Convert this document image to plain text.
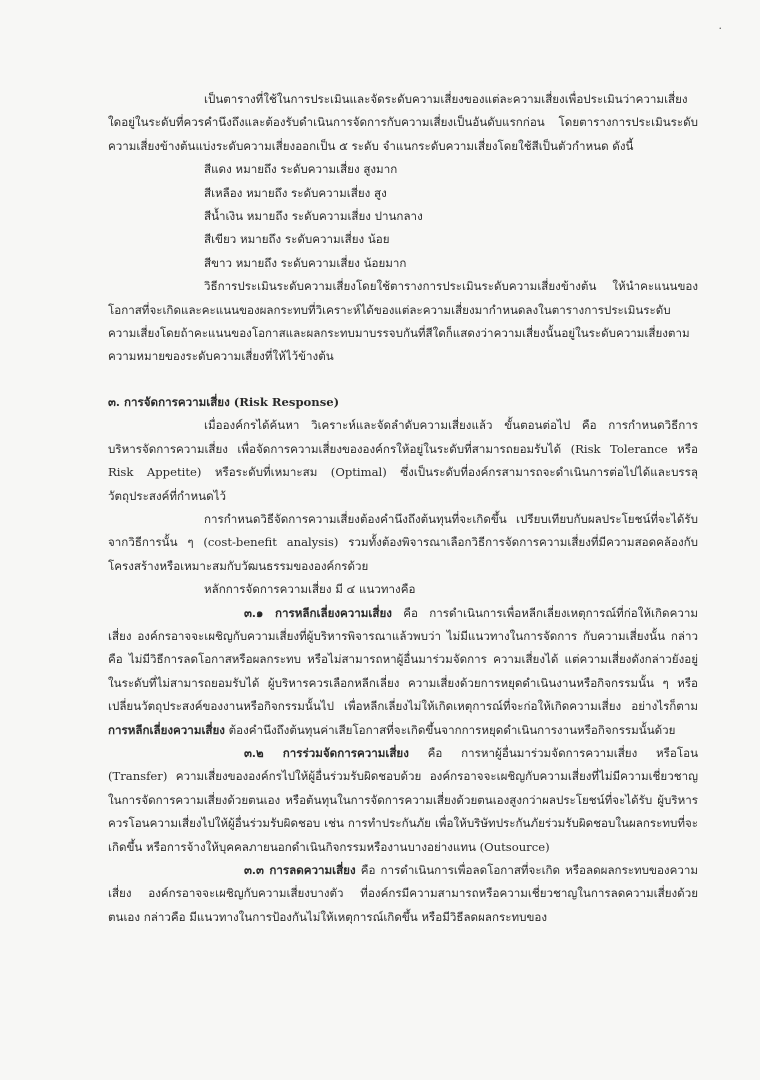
·

เป็นตารางที่ใช้ในการประเมินและจัดระดับความเสี่ยงของแต่ละความเสี่ยงเพื่อประเมินว่าความเสี่ยงใดอยู่ในระดับที่ควรคำนึงถึงและต้องรับดำเนินการจัดการกับความเสี่ยงเป็นอันดับแรกก่อน โดยตารางการประเมินระดับความเสี่ยงข้างต้นแบ่งระดับความเสี่ยงออกเป็น ๕ ระดับ จำแนกระดับความเสี่ยงโดยใช้สีเป็นตัวกำหนด ดังนี้

สีแดง หมายถึง ระดับความเสี่ยง สูงมาก
สีเหลือง หมายถึง ระดับความเสี่ยง สูง
สีน้ำเงิน หมายถึง ระดับความเสี่ยง ปานกลาง
สีเขียว หมายถึง ระดับความเสี่ยง น้อย
สีขาว หมายถึง ระดับความเสี่ยง น้อยมาก

วิธีการประเมินระดับความเสี่ยงโดยใช้ตารางการประเมินระดับความเสี่ยงข้างต้น ให้นำคะแนนของโอกาสที่จะเกิดและคะแนนของผลกระทบที่วิเคราะห์ได้ของแต่ละความเสี่ยงมากำหนดลงในตารางการประเมินระดับความเสี่ยงโดยถ้าคะแนนของโอกาสและผลกระทบมาบรรจบกันที่สีใดก็แสดงว่าความเสี่ยงนั้นอยู่ในระดับความเสี่ยงตามความหมายของระดับความเสี่ยงที่ให้ไว้ข้างต้น

๓. การจัดการความเสี่ยง (Risk Response)

เมื่อองค์กรได้ค้นหา วิเคราะห์และจัดลำดับความเสี่ยงแล้ว ขั้นตอนต่อไป คือ การกำหนดวิธีการบริหารจัดการความเสี่ยง เพื่อจัดการความเสี่ยงขององค์กรให้อยู่ในระดับที่สามารถยอมรับได้ (Risk Tolerance หรือ Risk Appetite) หรือระดับที่เหมาะสม (Optimal) ซึ่งเป็นระดับที่องค์กรสามารถจะดำเนินการต่อไปได้และบรรลุวัตถุประสงค์ที่กำหนดไว้

การกำหนดวิธีจัดการความเสี่ยงต้องคำนึงถึงต้นทุนที่จะเกิดขึ้น เปรียบเทียบกับผลประโยชน์ที่จะได้รับจากวิธีการนั้น ๆ (cost-benefit analysis) รวมทั้งต้องพิจารณาเลือกวิธีการจัดการความเสี่ยงที่มีความสอดคล้องกับโครงสร้างหรือเหมาะสมกับวัฒนธรรมขององค์กรด้วย

หลักการจัดการความเสี่ยง มี ๔ แนวทางคือ

๓.๑ การหลีกเลี่ยงความเสี่ยง คือ การดำเนินการเพื่อหลีกเลี่ยงเหตุการณ์ที่ก่อให้เกิดความเสี่ยง องค์กรอาจจะเผชิญกับความเสี่ยงที่ผู้บริหารพิจารณาแล้วพบว่า ไม่มีแนวทางในการจัดการ กับความเสี่ยงนั้น กล่าวคือ ไม่มีวิธีการลดโอกาสหรือผลกระทบ หรือไม่สามารถหาผู้อื่นมาร่วมจัดการ ความเสี่ยงได้ แต่ความเสี่ยงดังกล่าวยังอยู่ในระดับที่ไม่สามารถยอมรับได้ ผู้บริหารควรเลือกหลีกเลี่ยง ความเสี่ยงด้วยการหยุดดำเนินงานหรือกิจกรรมนั้น ๆ หรือเปลี่ยนวัตถุประสงค์ของงานหรือกิจกรรมนั้นไป เพื่อหลีกเลี่ยงไม่ให้เกิดเหตุการณ์ที่จะก่อให้เกิดความเสี่ยง อย่างไรก็ตาม การหลีกเลี่ยงความเสี่ยง ต้องคำนึงถึงต้นทุนค่าเสียโอกาสที่จะเกิดขึ้นจากการหยุดดำเนินการงานหรือกิจกรรมนั้นด้วย

๓.๒ การร่วมจัดการความเสี่ยง คือ การหาผู้อื่นมาร่วมจัดการความเสี่ยง หรือโอน (Transfer) ความเสี่ยงขององค์กรไปให้ผู้อื่นร่วมรับผิดชอบด้วย องค์กรอาจจะเผชิญกับความเสี่ยงที่ไม่มีความเชี่ยวชาญในการจัดการความเสี่ยงด้วยตนเอง หรือต้นทุนในการจัดการความเสี่ยงด้วยตนเองสูงกว่าผลประโยชน์ที่จะได้รับ ผู้บริหารควรโอนความเสี่ยงไปให้ผู้อื่นร่วมรับผิดชอบ เช่น การทำประกันภัย เพื่อให้บริษัทประกันภัยร่วมรับผิดชอบในผลกระทบที่จะเกิดขึ้น หรือการจ้างให้บุคคลภายนอกดำเนินกิจกรรมหรืองานบางอย่างแทน (Outsource)

๓.๓ การลดความเสี่ยง คือ การดำเนินการเพื่อลดโอกาสที่จะเกิด หรือลดผลกระทบของความเสี่ยง องค์กรอาจจะเผชิญกับความเสี่ยงบางตัว ที่องค์กรมีความสามารถหรือความเชี่ยวชาญในการลดความเสี่ยงด้วยตนเอง กล่าวคือ มีแนวทางในการป้องกันไม่ให้เหตุการณ์เกิดขึ้น หรือมีวิธีลดผลกระทบของ
